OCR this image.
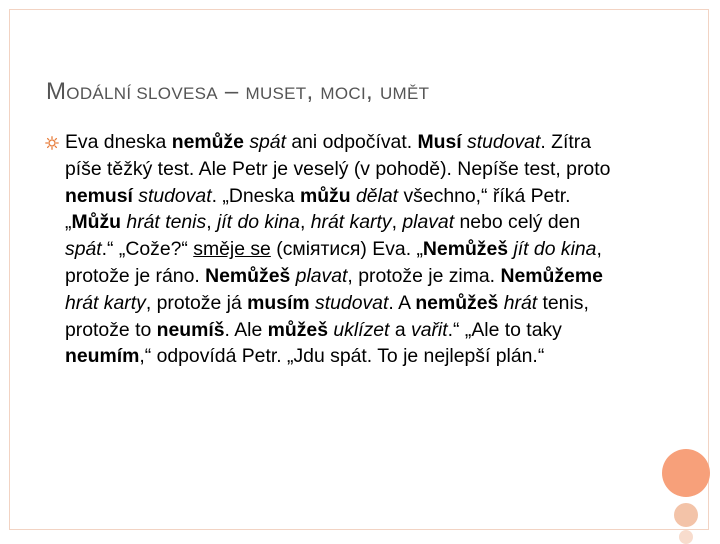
MODÁLNÍ SLOVESA – MUSET, MOCI, UMĚT
Eva dneska nemůže spát ani odpočívat. Musí studovat. Zítra píše těžký test. Ale Petr je veselý (v pohodě). Nepíše test, proto nemusí studovat. „Dneska můžu dělat všechno,“ říká Petr. „Můžu hrát tenis, jít do kina, hrát karty, plavat nebo celý den spát.“ „Cože?“ směje se (сміятися) Eva. „Nemůžeš jít do kina, protože je ráno. Nemůžeš plavat, protože je zima. Nemůžeme hrát karty, protože já musím studovat. A nemůžeš hrát tenis, protože to neumíš. Ale můžeš uklízet a vařit.“ „Ale to taky neumím,“ odpovídá Petr. „Jdu spát. To je nejlepší plán.“
